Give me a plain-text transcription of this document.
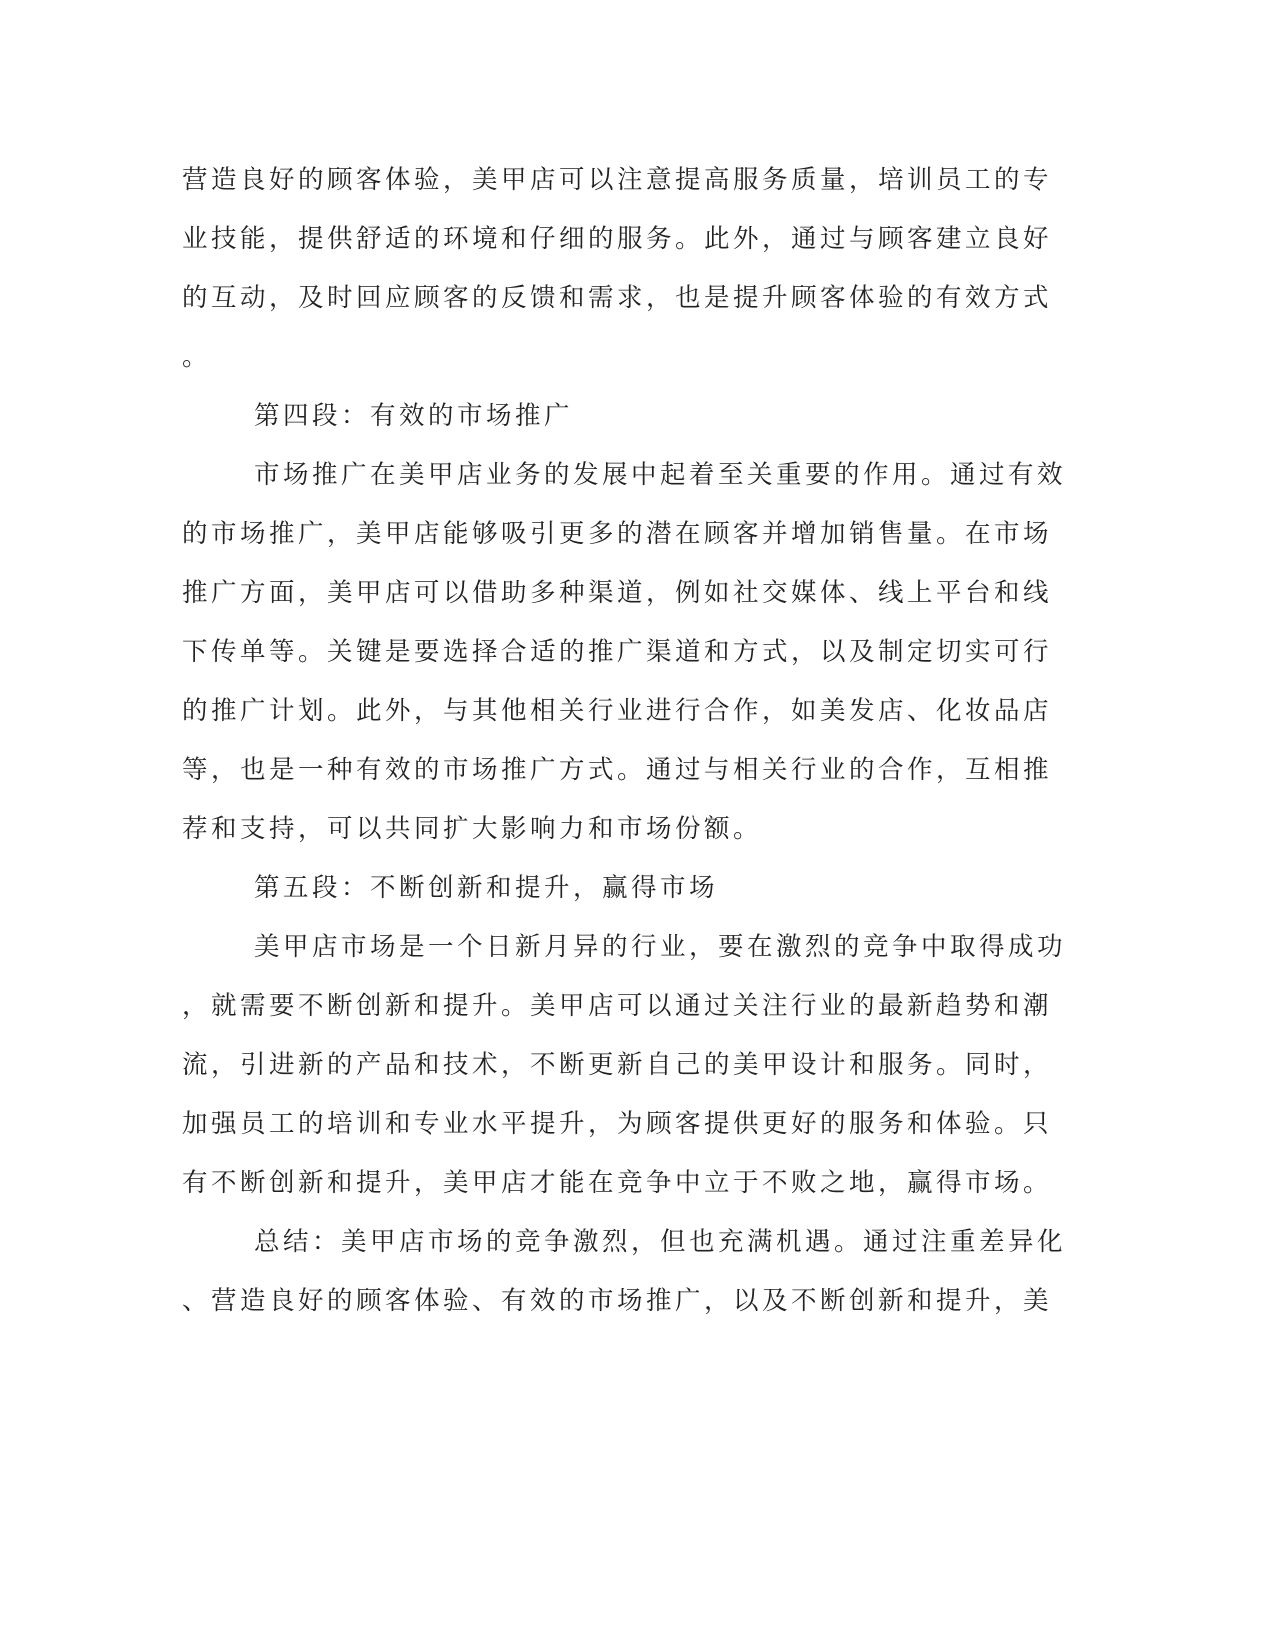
营造良好的顾客体验，美甲店可以注意提高服务质量，培训员工的专
业技能，提供舒适的环境和仔细的服务。此外，通过与顾客建立良好
的互动，及时回应顾客的反馈和需求，也是提升顾客体验的有效方式
。
第四段：有效的市场推广
市场推广在美甲店业务的发展中起着至关重要的作用。通过有效
的市场推广，美甲店能够吸引更多的潜在顾客并增加销售量。在市场
推广方面，美甲店可以借助多种渠道，例如社交媒体、线上平台和线
下传单等。关键是要选择合适的推广渠道和方式，以及制定切实可行
的推广计划。此外，与其他相关行业进行合作，如美发店、化妆品店
等，也是一种有效的市场推广方式。通过与相关行业的合作，互相推
荐和支持，可以共同扩大影响力和市场份额。
第五段：不断创新和提升，赢得市场
美甲店市场是一个日新月异的行业，要在激烈的竞争中取得成功
，就需要不断创新和提升。美甲店可以通过关注行业的最新趋势和潮
流，引进新的产品和技术，不断更新自己的美甲设计和服务。同时，
加强员工的培训和专业水平提升，为顾客提供更好的服务和体验。只
有不断创新和提升，美甲店才能在竞争中立于不败之地，赢得市场。
总结：美甲店市场的竞争激烈，但也充满机遇。通过注重差异化
、营造良好的顾客体验、有效的市场推广，以及不断创新和提升，美
